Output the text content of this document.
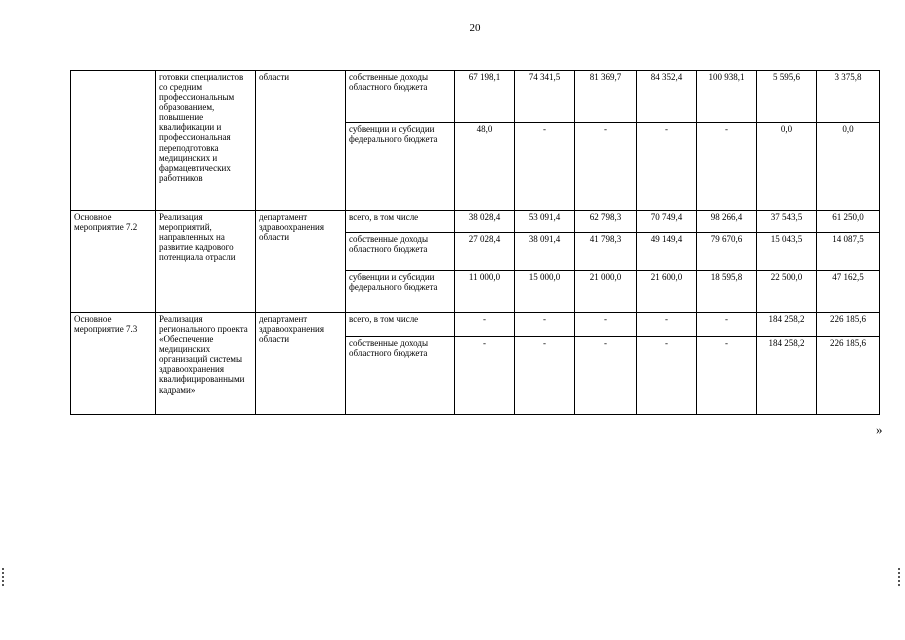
20
	готовки специалистов со средним профессиональным образованием, повышение квалификации и профессиональная переподготовка медицинских и фармацевтических работников	области	собственные доходы областного бюджета	67 198,1	74 341,5	81 369,7	84 352,4	100 938,1	5 595,6	3 375,8
			субвенции и субсидии федерального бюджета	48,0	-	-	-	-	0,0	0,0
Основное мероприятие 7.2	Реализация мероприятий, направленных на развитие кадрового потенциала отрасли	департамент здравоохранения области	всего, в том числе	38 028,4	53 091,4	62 798,3	70 749,4	98 266,4	37 543,5	61 250,0
			собственные доходы областного бюджета	27 028,4	38 091,4	41 798,3	49 149,4	79 670,6	15 043,5	14 087,5
			субвенции и субсидии федерального бюджета	11 000,0	15 000,0	21 000,0	21 600,0	18 595,8	22 500,0	47 162,5
Основное мероприятие 7.3	Реализация регионального проекта «Обеспечение медицинских организаций системы здравоохранения квалифицированными кадрами»	департамент здравоохранения области	всего, в том числе	-	-	-	-	-	184 258,2	226 185,6
			собственные доходы областного бюджета	-	-	-	-	-	184 258,2	226 185,6
»
